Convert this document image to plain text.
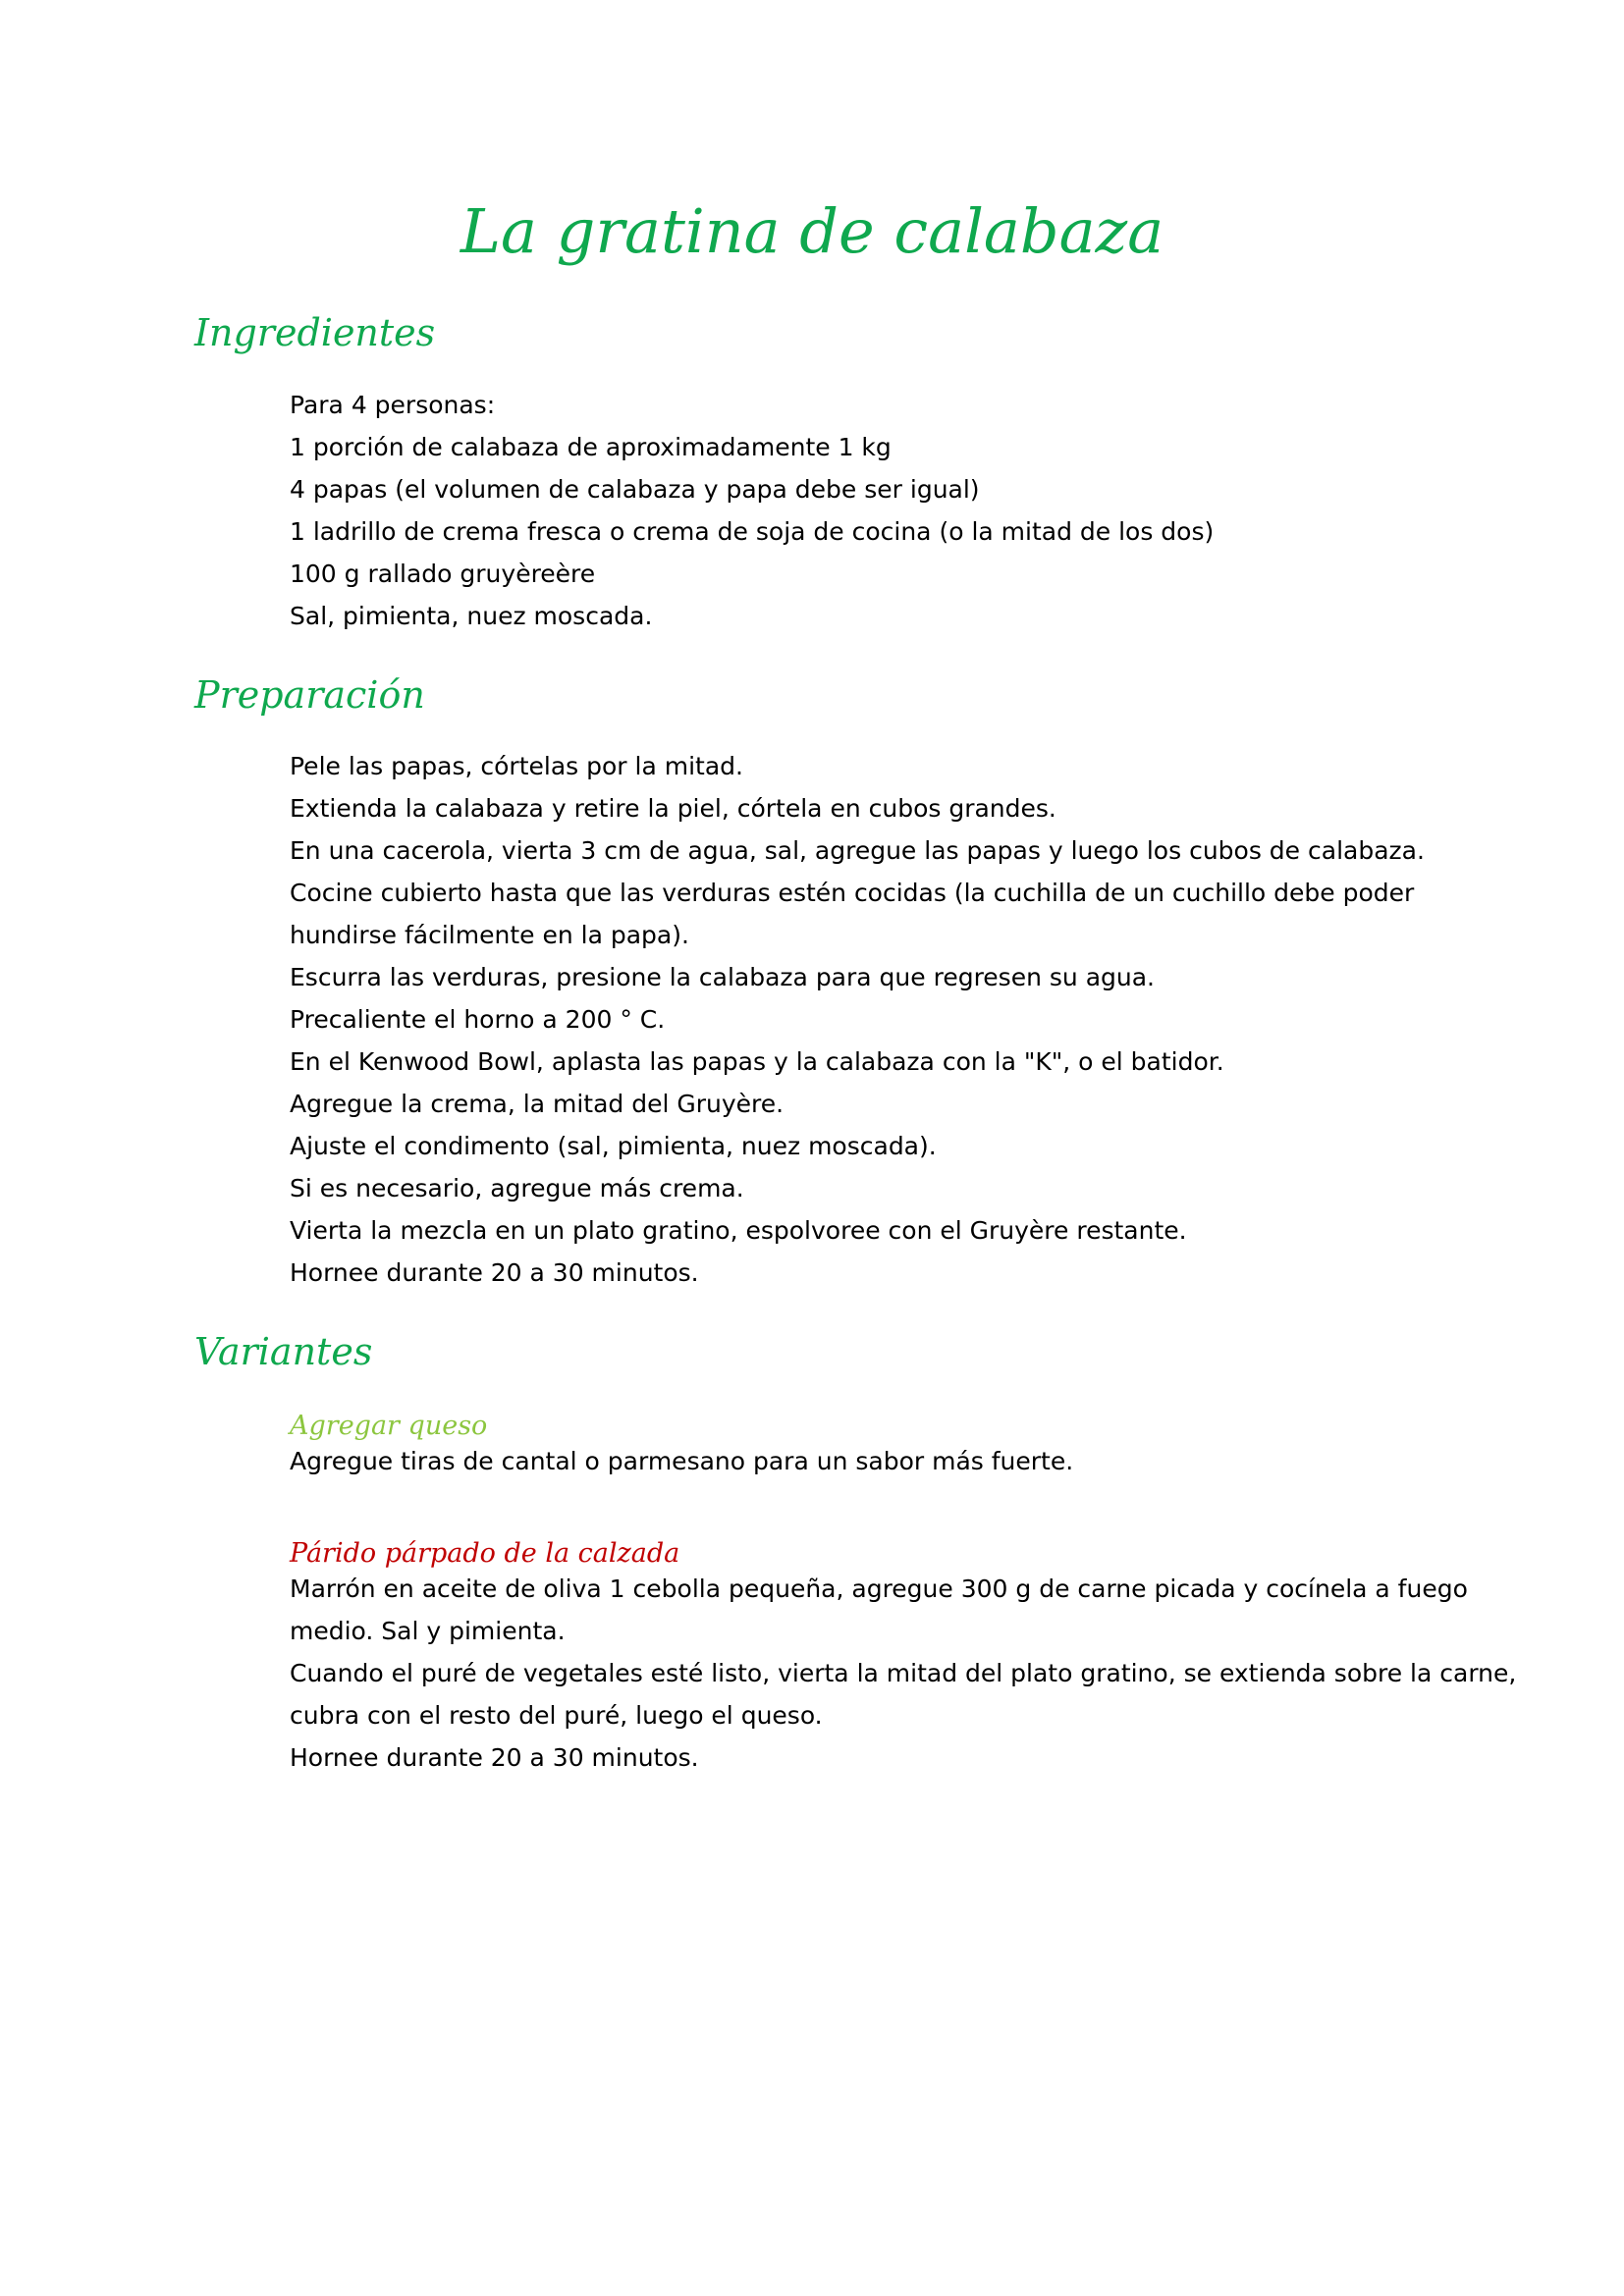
La gratina de calabaza
Ingredientes
Para 4 personas:
1 porción de calabaza de aproximadamente 1 kg
4 papas (el volumen de calabaza y papa debe ser igual)
1 ladrillo de crema fresca o crema de soja de cocina (o la mitad de los dos)
100 g rallado gruyèreère
Sal, pimienta, nuez moscada.
Preparación
Pele las papas, córtelas por la mitad.
Extienda la calabaza y retire la piel, córtela en cubos grandes.
En una cacerola, vierta 3 cm de agua, sal, agregue las papas y luego los cubos de calabaza.
Cocine cubierto hasta que las verduras estén cocidas (la cuchilla de un cuchillo debe poder hundirse fácilmente en la papa).
Escurra las verduras, presione la calabaza para que regresen su agua.
Precaliente el horno a 200 ° C.
En el Kenwood Bowl, aplasta las papas y la calabaza con la "K", o el batidor.
Agregue la crema, la mitad del Gruyère.
Ajuste el condimento (sal, pimienta, nuez moscada).
Si es necesario, agregue más crema.
Vierta la mezcla en un plato gratino, espolvoree con el Gruyère restante.
Hornee durante 20 a 30 minutos.
Variantes
Agregar queso
Agregue tiras de cantal o parmesano para un sabor más fuerte.
Párido párpado de la calzada
Marrón en aceite de oliva 1 cebolla pequeña, agregue 300 g de carne picada y cocínela a fuego medio. Sal y pimienta.
Cuando el puré de vegetales esté listo, vierta la mitad del plato gratino, se extienda sobre la carne, cubra con el resto del puré, luego el queso.
Hornee durante 20 a 30 minutos.
